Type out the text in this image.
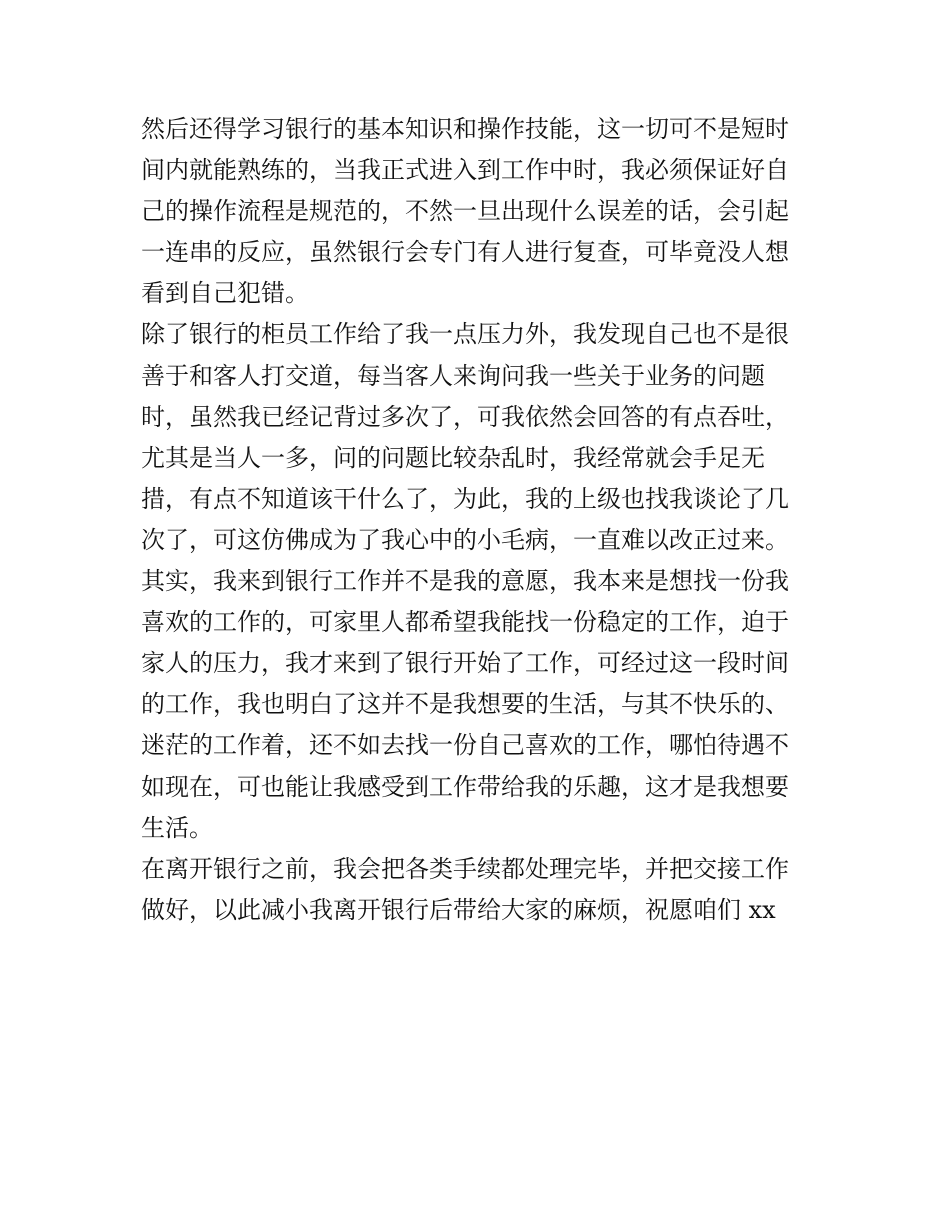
然后还得学习银行的基本知识和操作技能，这一切可不是短时
间内就能熟练的，当我正式进入到工作中时，我必须保证好自
己的操作流程是规范的，不然一旦出现什么误差的话，会引起
一连串的反应，虽然银行会专门有人进行复查，可毕竟没人想
看到自己犯错。
除了银行的柜员工作给了我一点压力外，我发现自己也不是很
善于和客人打交道，每当客人来询问我一些关于业务的问题
时，虽然我已经记背过多次了，可我依然会回答的有点吞吐，
尤其是当人一多，问的问题比较杂乱时，我经常就会手足无
措，有点不知道该干什么了，为此，我的上级也找我谈论了几
次了，可这仿佛成为了我心中的小毛病，一直难以改正过来。
其实，我来到银行工作并不是我的意愿，我本来是想找一份我
喜欢的工作的，可家里人都希望我能找一份稳定的工作，迫于
家人的压力，我才来到了银行开始了工作，可经过这一段时间
的工作，我也明白了这并不是我想要的生活，与其不快乐的、
迷茫的工作着，还不如去找一份自己喜欢的工作，哪怕待遇不
如现在，可也能让我感受到工作带给我的乐趣，这才是我想要
生活。
在离开银行之前，我会把各类手续都处理完毕，并把交接工作
做好，以此减小我离开银行后带给大家的麻烦，祝愿咱们 xx
